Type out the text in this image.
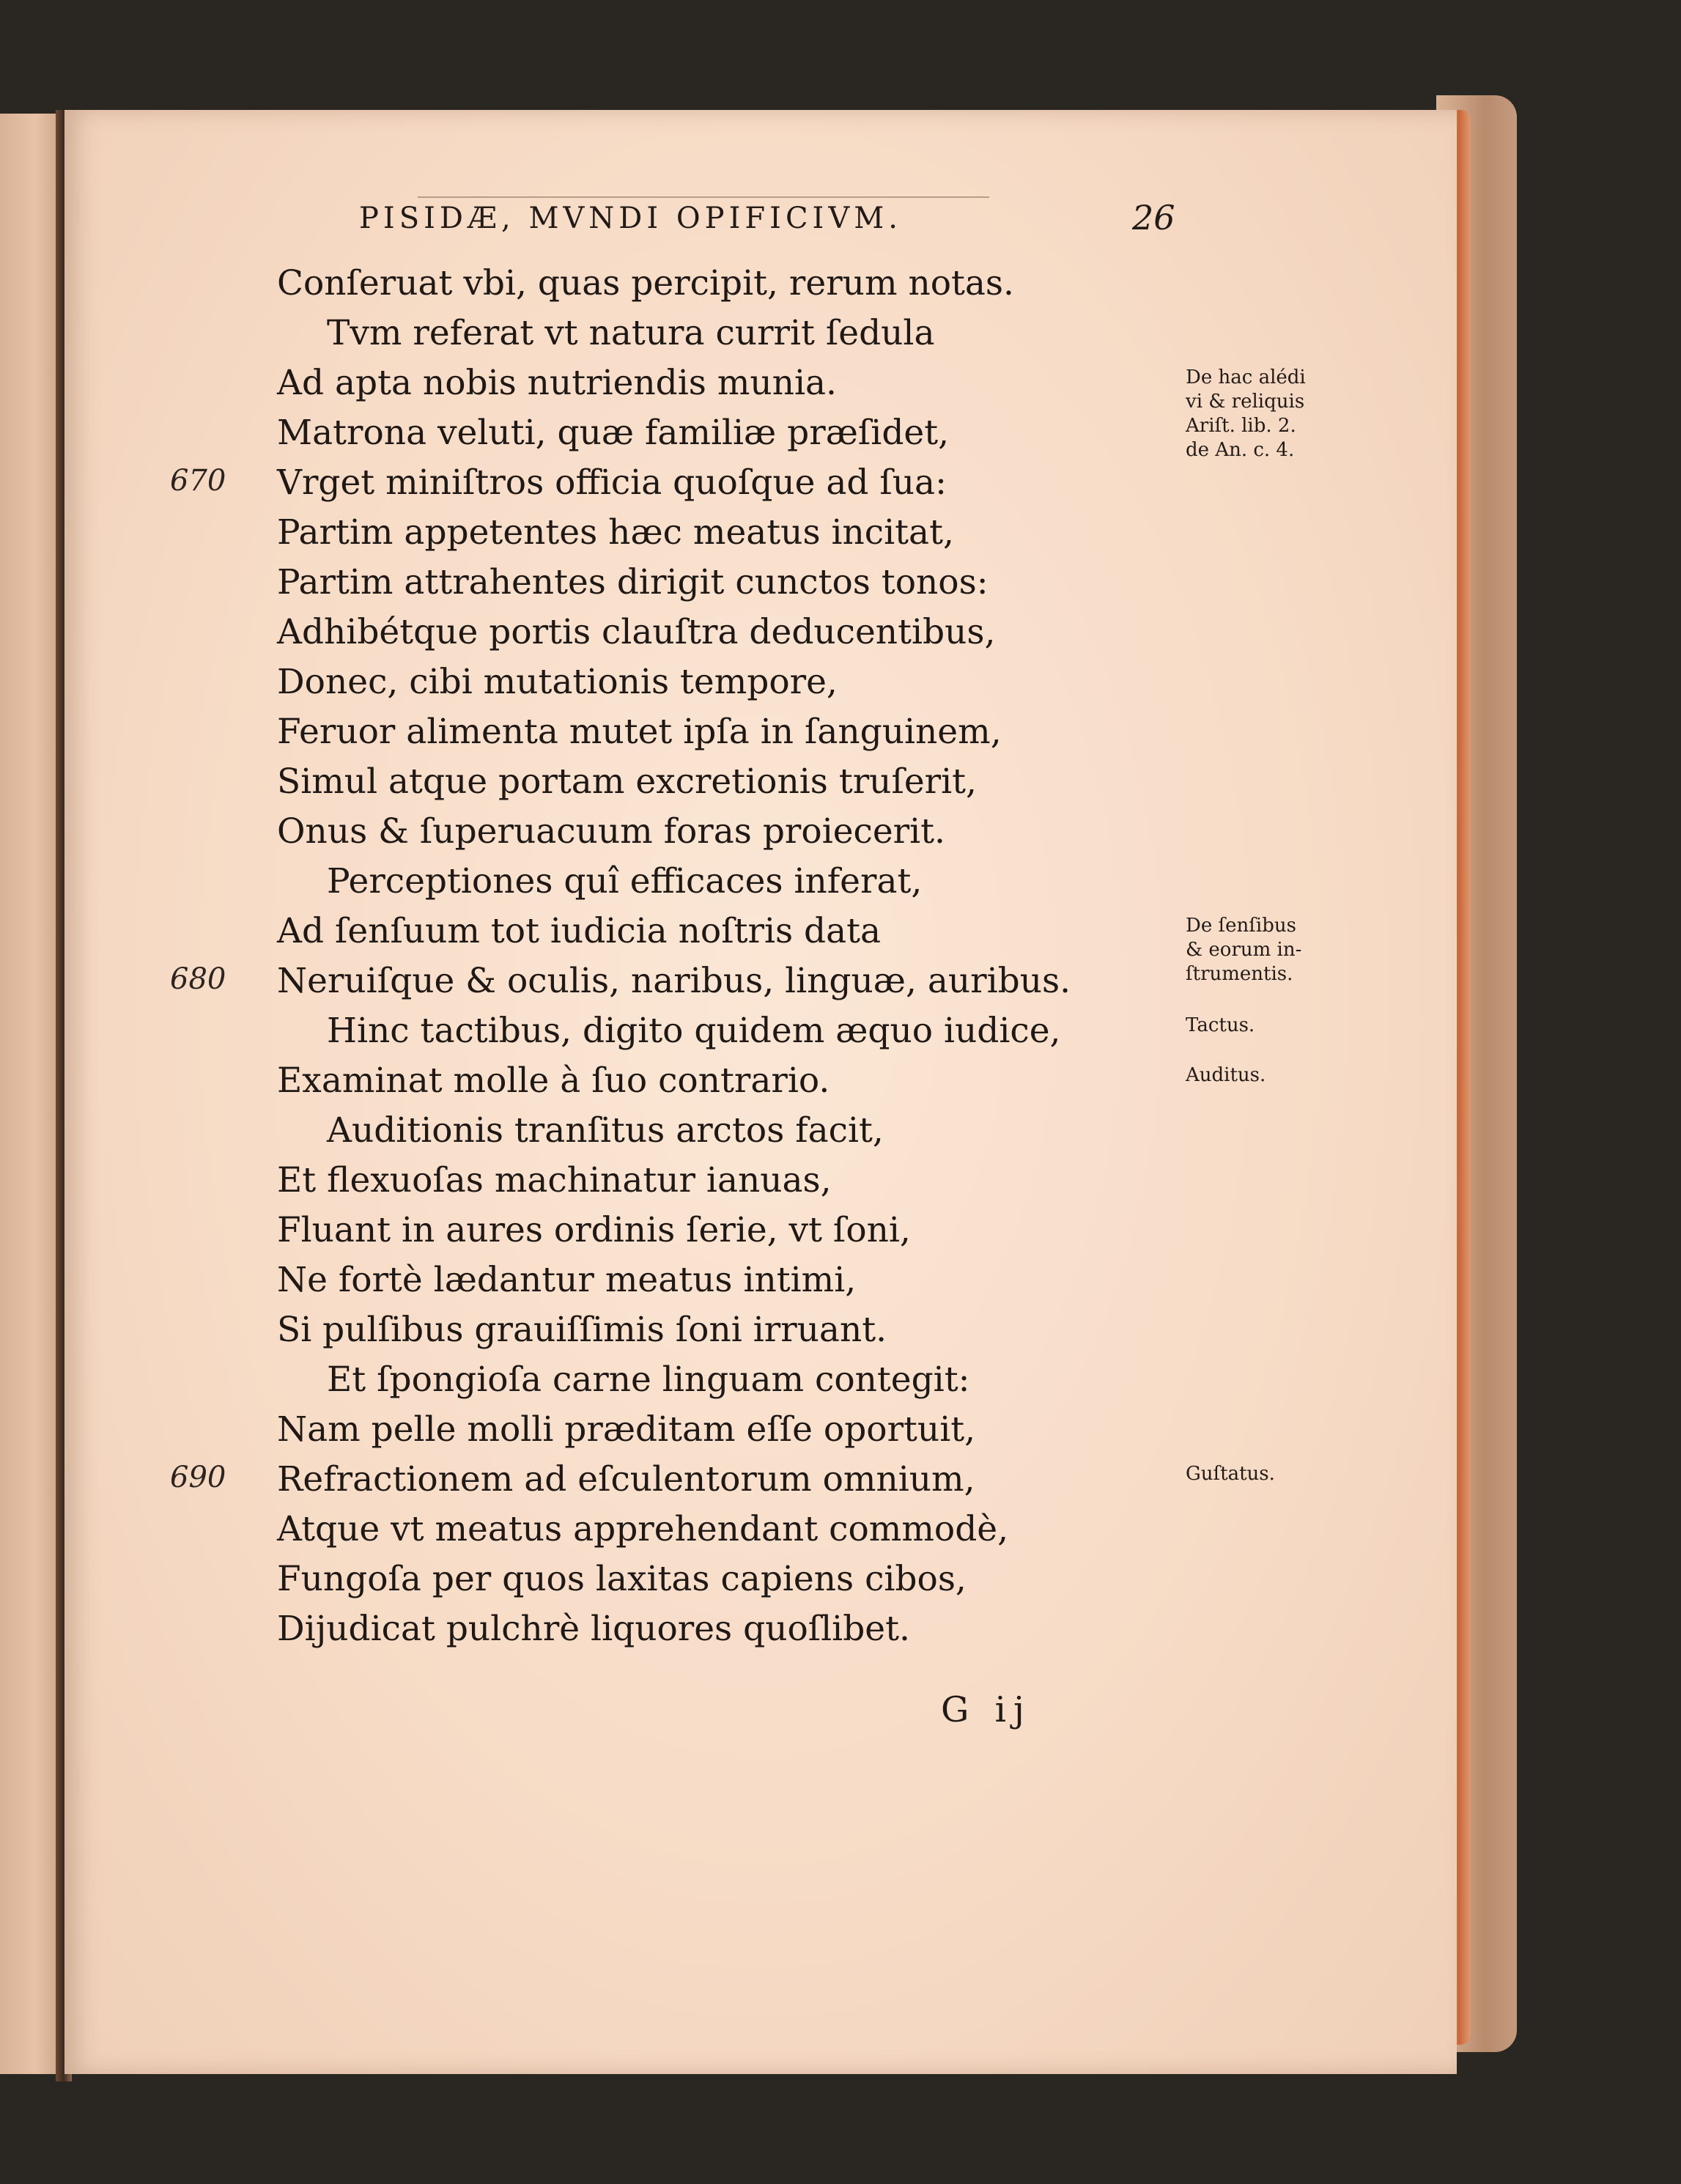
PISIDÆ, MVNDI OPIFICIVM.	26
Conſeruat vbi, quas percipit, rerum notas.
Tvm referat vt natura currit ſedula
Ad apta nobis nutriendis munia.
Matrona veluti, quæ familiæ præſidet,
Vrget miniſtros officia quoſque ad ſua:
Partim appetentes hæc meatus incitat,
Partim attrahentes dirigit cunctos tonos:
Adhibétque portis clauſtra deducentibus,
Donec, cibi mutationis tempore,
Feruor alimenta mutet ipſa in ſanguinem,
Simul atque portam excretionis truſerit,
Onus & ſuperuacuum foras proiecerit.
Perceptiones quî efficaces inferat,
Ad ſenſuum tot iudicia noſtris data
Neruiſque & oculis, naribus, linguæ, auribus.
Hinc tactibus, digito quidem æquo iudice,
Examinat molle à ſuo contrario.
Auditionis tranſitus arctos facit,
Et flexuoſas machinatur ianuas,
Fluant in aures ordinis ſerie, vt ſoni,
Ne fortè lædantur meatus intimi,
Si pulſibus grauiſſimis ſoni irruant.
Et ſpongioſa carne linguam contegit:
Nam pelle molli præditam eſſe oportuit,
Refractionem ad eſculentorum omnium,
Atque vt meatus apprehendant commodè,
Fungoſa per quos laxitas capiens cibos,
Dijudicat pulchrè liquores quoſlibet.
670
680
690
De hac alédi
vi & reliquis
Ariſt. lib. 2.
de An. c. 4.
De ſenſibus
& eorum in-
ſtrumentis.
Tactus.
Auditus.
Guſtatus.
G ij
